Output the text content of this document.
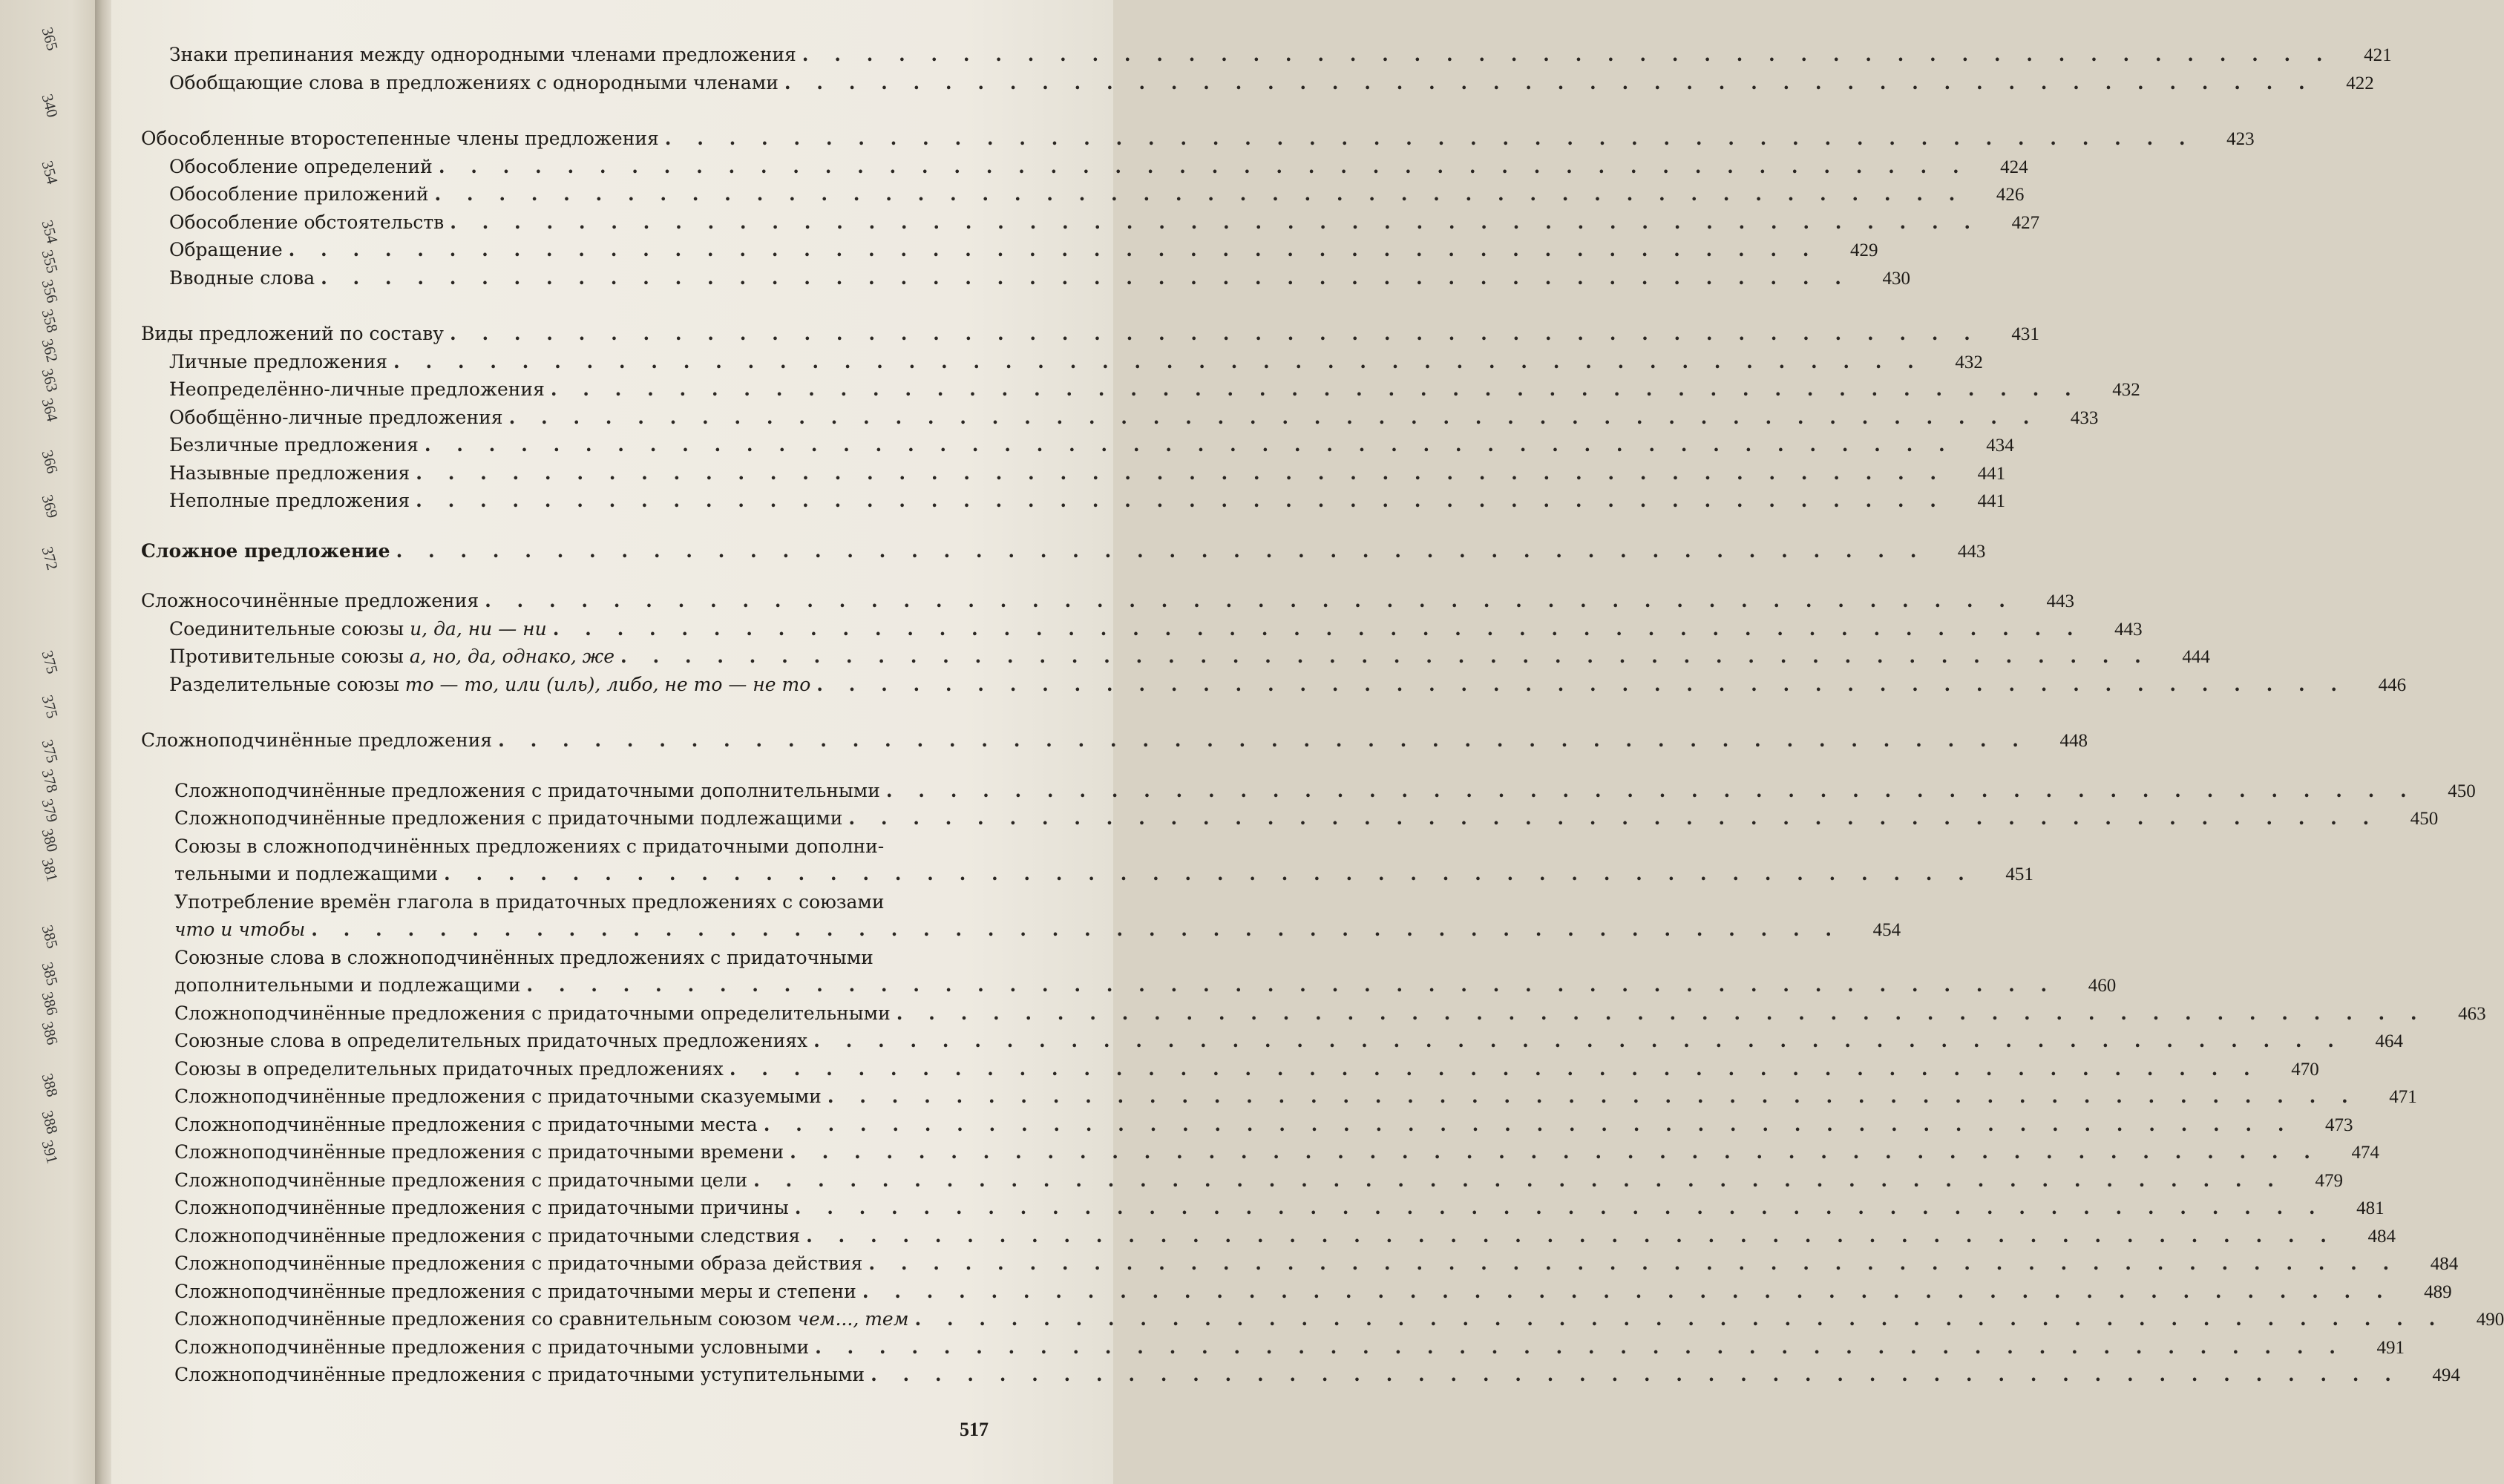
365
340
354
354
355
356
358
362
363
364
366
369
372
375
375
375
378
379
380
381
385
385
386
386
388
388
391
Знаки препинания между однородными членами предложения . . . . . . . . . . . . . . . . . . . . . . . . . . . . . . . . . . . . . . . . . . . . . . . .	421
Обобщающие слова в предложениях с однородными членами . . . . . . . . . . . . . . . . . . . . . . . . . . . . . . . . . . . . . . . . . . . . . . . .	422
Обособленные второстепенные члены предложения . . . . . . . . . . . . . . . . . . . . . . . . . . . . . . . . . . . . . . . . . . . . . . . .	423
Обособление определений . . . . . . . . . . . . . . . . . . . . . . . . . . . . . . . . . . . . . . . . . . . . . . . .	424
Обособление приложений . . . . . . . . . . . . . . . . . . . . . . . . . . . . . . . . . . . . . . . . . . . . . . . .	426
Обособление обстоятельств . . . . . . . . . . . . . . . . . . . . . . . . . . . . . . . . . . . . . . . . . . . . . . . .	427
Обращение . . . . . . . . . . . . . . . . . . . . . . . . . . . . . . . . . . . . . . . . . . . . . . . .	429
Вводные слова . . . . . . . . . . . . . . . . . . . . . . . . . . . . . . . . . . . . . . . . . . . . . . . .	430
Виды предложений по составу . . . . . . . . . . . . . . . . . . . . . . . . . . . . . . . . . . . . . . . . . . . . . . . .	431
Личные предложения . . . . . . . . . . . . . . . . . . . . . . . . . . . . . . . . . . . . . . . . . . . . . . . .	432
Неопределённо-личные предложения . . . . . . . . . . . . . . . . . . . . . . . . . . . . . . . . . . . . . . . . . . . . . . . .	432
Обобщённо-личные предложения . . . . . . . . . . . . . . . . . . . . . . . . . . . . . . . . . . . . . . . . . . . . . . . .	433
Безличные предложения . . . . . . . . . . . . . . . . . . . . . . . . . . . . . . . . . . . . . . . . . . . . . . . .	434
Назывные предложения . . . . . . . . . . . . . . . . . . . . . . . . . . . . . . . . . . . . . . . . . . . . . . . .	441
Неполные предложения . . . . . . . . . . . . . . . . . . . . . . . . . . . . . . . . . . . . . . . . . . . . . . . .	441
Сложное предложение . . . . . . . . . . . . . . . . . . . . . . . . . . . . . . . . . . . . . . . . . . . . . . . .	443
Сложносочинённые предложения . . . . . . . . . . . . . . . . . . . . . . . . . . . . . . . . . . . . . . . . . . . . . . . .	443
Соединительные союзы и, да, ни — ни . . . . . . . . . . . . . . . . . . . . . . . . . . . . . . . . . . . . . . . . . . . . . . . .	443
Противительные союзы а, но, да, однако, же . . . . . . . . . . . . . . . . . . . . . . . . . . . . . . . . . . . . . . . . . . . . . . . .	444
Разделительные союзы то — то, или (иль), либо, не то — не то . . . . . . . . . . . . . . . . . . . . . . . . . . . . . . . . . . . . . . . . . . . . . . . .	446
Сложноподчинённые предложения . . . . . . . . . . . . . . . . . . . . . . . . . . . . . . . . . . . . . . . . . . . . . . . .	448
Сложноподчинённые предложения с придаточными дополнительными . . . . . . . . . . . . . . . . . . . . . . . . . . . . . . . . . . . . . . . . . . . . . . . .	450
Сложноподчинённые предложения с придаточными подлежащими . . . . . . . . . . . . . . . . . . . . . . . . . . . . . . . . . . . . . . . . . . . . . . . .	450
Союзы в сложноподчинённых предложениях с придаточными дополни-
тельными и подлежащими . . . . . . . . . . . . . . . . . . . . . . . . . . . . . . . . . . . . . . . . . . . . . . . .	451
Употребление времён глагола в придаточных предложениях с союзами
что и чтобы . . . . . . . . . . . . . . . . . . . . . . . . . . . . . . . . . . . . . . . . . . . . . . . .	454
Союзные слова в сложноподчинённых предложениях с придаточными
дополнительными и подлежащими . . . . . . . . . . . . . . . . . . . . . . . . . . . . . . . . . . . . . . . . . . . . . . . .	460
Сложноподчинённые предложения с придаточными определительными . . . . . . . . . . . . . . . . . . . . . . . . . . . . . . . . . . . . . . . . . . . . . . . .	463
Союзные слова в определительных придаточных предложениях . . . . . . . . . . . . . . . . . . . . . . . . . . . . . . . . . . . . . . . . . . . . . . . .	464
Союзы в определительных придаточных предложениях . . . . . . . . . . . . . . . . . . . . . . . . . . . . . . . . . . . . . . . . . . . . . . . .	470
Сложноподчинённые предложения с придаточными сказуемыми . . . . . . . . . . . . . . . . . . . . . . . . . . . . . . . . . . . . . . . . . . . . . . . .	471
Сложноподчинённые предложения с придаточными места . . . . . . . . . . . . . . . . . . . . . . . . . . . . . . . . . . . . . . . . . . . . . . . .	473
Сложноподчинённые предложения с придаточными времени . . . . . . . . . . . . . . . . . . . . . . . . . . . . . . . . . . . . . . . . . . . . . . . .	474
Сложноподчинённые предложения с придаточными цели . . . . . . . . . . . . . . . . . . . . . . . . . . . . . . . . . . . . . . . . . . . . . . . .	479
Сложноподчинённые предложения с придаточными причины . . . . . . . . . . . . . . . . . . . . . . . . . . . . . . . . . . . . . . . . . . . . . . . .	481
Сложноподчинённые предложения с придаточными следствия . . . . . . . . . . . . . . . . . . . . . . . . . . . . . . . . . . . . . . . . . . . . . . . .	484
Сложноподчинённые предложения с придаточными образа действия . . . . . . . . . . . . . . . . . . . . . . . . . . . . . . . . . . . . . . . . . . . . . . . .	484
Сложноподчинённые предложения с придаточными меры и степени . . . . . . . . . . . . . . . . . . . . . . . . . . . . . . . . . . . . . . . . . . . . . . . .	489
Сложноподчинённые предложения со сравнительным союзом чем..., тем . . . . . . . . . . . . . . . . . . . . . . . . . . . . . . . . . . . . . . . . . . . . . . . .	490
Сложноподчинённые предложения с придаточными условными . . . . . . . . . . . . . . . . . . . . . . . . . . . . . . . . . . . . . . . . . . . . . . . .	491
Сложноподчинённые предложения с придаточными уступительными . . . . . . . . . . . . . . . . . . . . . . . . . . . . . . . . . . . . . . . . . . . . . . . .	494
517
